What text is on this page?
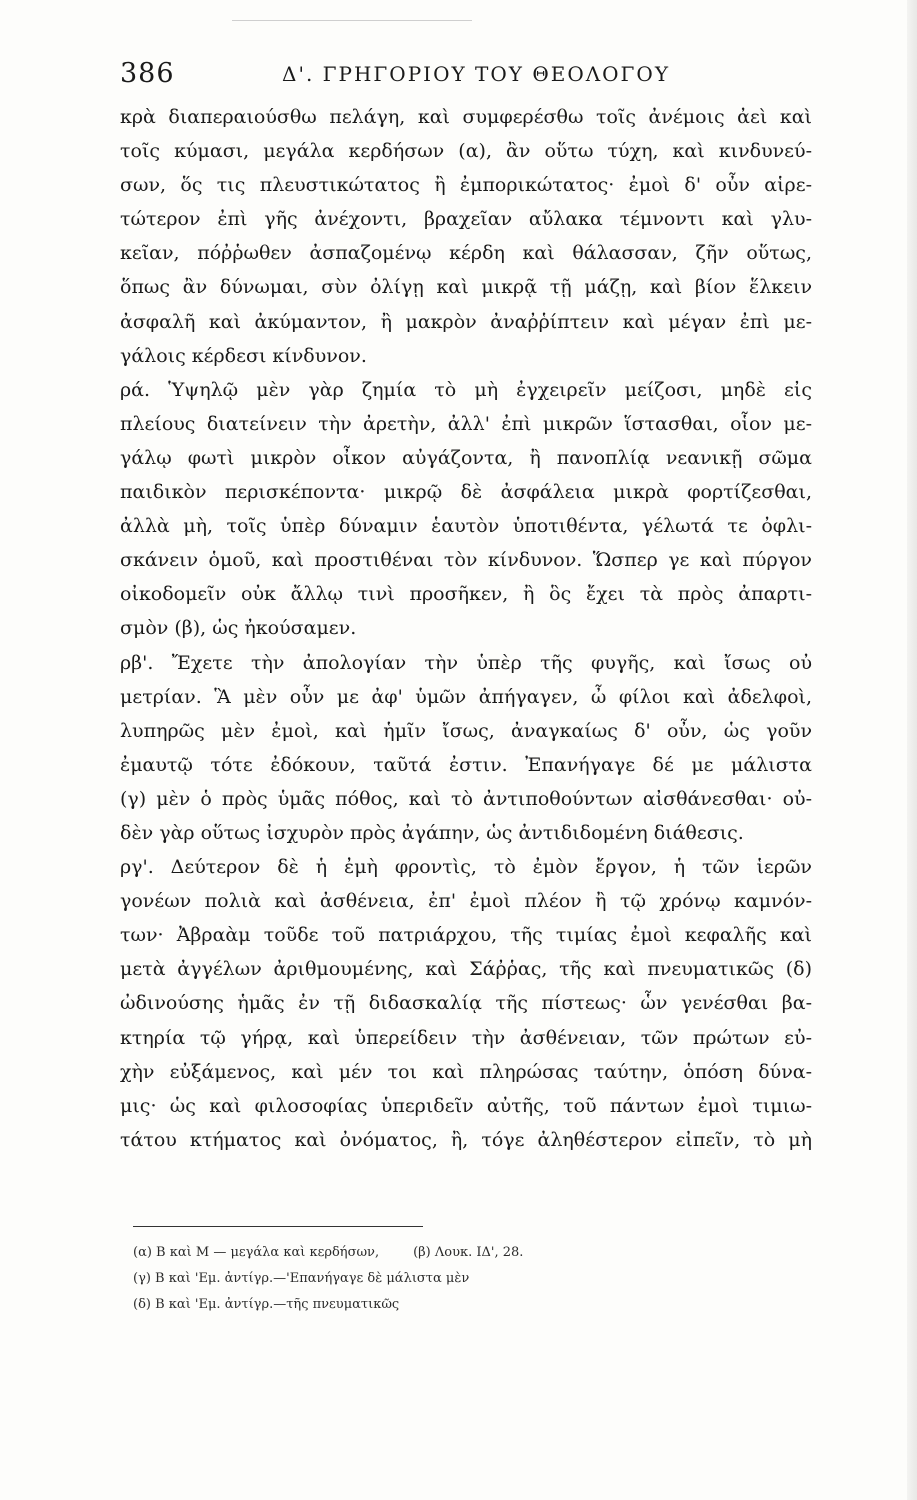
386	Δ'. ΓΡΗΓΟΡΙΟΥ ΤΟΥ ΘΕΟΛΟΓΟΥ
κρὰ διαπεραιούσθω πελάγη, καὶ συμφερέσθω τοῖς ἀνέμοις ἀεὶ καὶ
τοῖς κύμασι, μεγάλα κερδήσων (α), ἂν οὕτω τύχη, καὶ κινδυνεύ-
σων, ὅς τις πλευστικώτατος ἢ ἐμπορικώτατος· ἐμοὶ δ' οὖν αἱρε-
τώτερον ἐπὶ γῆς ἀνέχοντι, βραχεῖαν αὔλακα τέμνοντι καὶ γλυ-
κεῖαν, πόῤῥωθεν ἀσπαζομένῳ κέρδη καὶ θάλασσαν, ζῆν οὕτως,
ὅπως ἂν δύνωμαι, σὺν ὀλίγῃ καὶ μικρᾷ τῇ μάζῃ, καὶ βίον ἕλκειν
ἀσφαλῆ καὶ ἀκύμαντον, ἢ μακρὸν ἀναῤῥίπτειν καὶ μέγαν ἐπὶ με-
γάλοις κέρδεσι κίνδυνον.
ρά. Ὑψηλῷ μὲν γὰρ ζημία τὸ μὴ ἐγχειρεῖν μείζοσι, μηδὲ εἰς
πλείους διατείνειν τὴν ἀρετὴν, ἀλλ' ἐπὶ μικρῶν ἵστασθαι, οἷον με-
γάλῳ φωτὶ μικρὸν οἶκον αὐγάζοντα, ἢ πανοπλίᾳ νεανικῇ σῶμα
παιδικὸν περισκέποντα· μικρῷ δὲ ἀσφάλεια μικρὰ φορτίζεσθαι,
ἀλλὰ μὴ, τοῖς ὑπὲρ δύναμιν ἑαυτὸν ὑποτιθέντα, γέλωτά τε ὀφλι-
σκάνειν ὁμοῦ, καὶ προστιθέναι τὸν κίνδυνον. Ὥσπερ γε καὶ πύργον
οἰκοδομεῖν οὐκ ἄλλῳ τινὶ προσῆκεν, ἢ ὃς ἔχει τὰ πρὸς ἀπαρτι-
σμὸν (β), ὡς ἠκούσαμεν.
ρβ'. Ἔχετε τὴν ἀπολογίαν τὴν ὑπὲρ τῆς φυγῆς, καὶ ἴσως οὐ
μετρίαν. Ἃ μὲν οὖν με ἀφ' ὑμῶν ἀπήγαγεν, ὦ φίλοι καὶ ἀδελφοὶ,
λυπηρῶς μὲν ἐμοὶ, καὶ ἡμῖν ἴσως, ἀναγκαίως δ' οὖν, ὡς γοῦν
ἐμαυτῷ τότε ἐδόκουν, ταῦτά ἐστιν. Ἐπανήγαγε δέ με μάλιστα
(γ) μὲν ὁ πρὸς ὑμᾶς πόθος, καὶ τὸ ἀντιποθούντων αἰσθάνεσθαι· οὐ-
δὲν γὰρ οὕτως ἰσχυρὸν πρὸς ἀγάπην, ὡς ἀντιδιδομένη διάθεσις.
ργ'. Δεύτερον δὲ ἡ ἐμὴ φροντὶς, τὸ ἐμὸν ἔργον, ἡ τῶν ἱερῶν
γονέων πολιὰ καὶ ἀσθένεια, ἐπ' ἐμοὶ πλέον ἢ τῷ χρόνῳ καμνόν-
των· Ἀβραὰμ τοῦδε τοῦ πατριάρχου, τῆς τιμίας ἐμοὶ κεφαλῆς καὶ
μετὰ ἀγγέλων ἀριθμουμένης, καὶ Σάῤῥας, τῆς καὶ πνευματικῶς (δ)
ὠδινούσης ἡμᾶς ἐν τῇ διδασκαλίᾳ τῆς πίστεως· ὧν γενέσθαι βα-
κτηρία τῷ γήρᾳ, καὶ ὑπερείδειν τὴν ἀσθένειαν, τῶν πρώτων εὐ-
χὴν εὐξάμενος, καὶ μέν τοι καὶ πληρώσας ταύτην, ὁπόση δύνα-
μις· ὡς καὶ φιλοσοφίας ὑπεριδεῖν αὐτῆς, τοῦ πάντων ἐμοὶ τιμιω-
τάτου κτήματος καὶ ὀνόματος, ἢ, τόγε ἀληθέστερον εἰπεῖν, τὸ μὴ
(α) B καὶ M — μεγάλα καὶ κερδήσων,	(β) Λουκ. ΙΔ', 28.
(γ) B καὶ 'Εμ. ἀντίγρ.—'Επανήγαγε δὲ μάλιστα μὲν
(δ) B καὶ 'Εμ. ἀντίγρ.—τῆς πνευματικῶς
